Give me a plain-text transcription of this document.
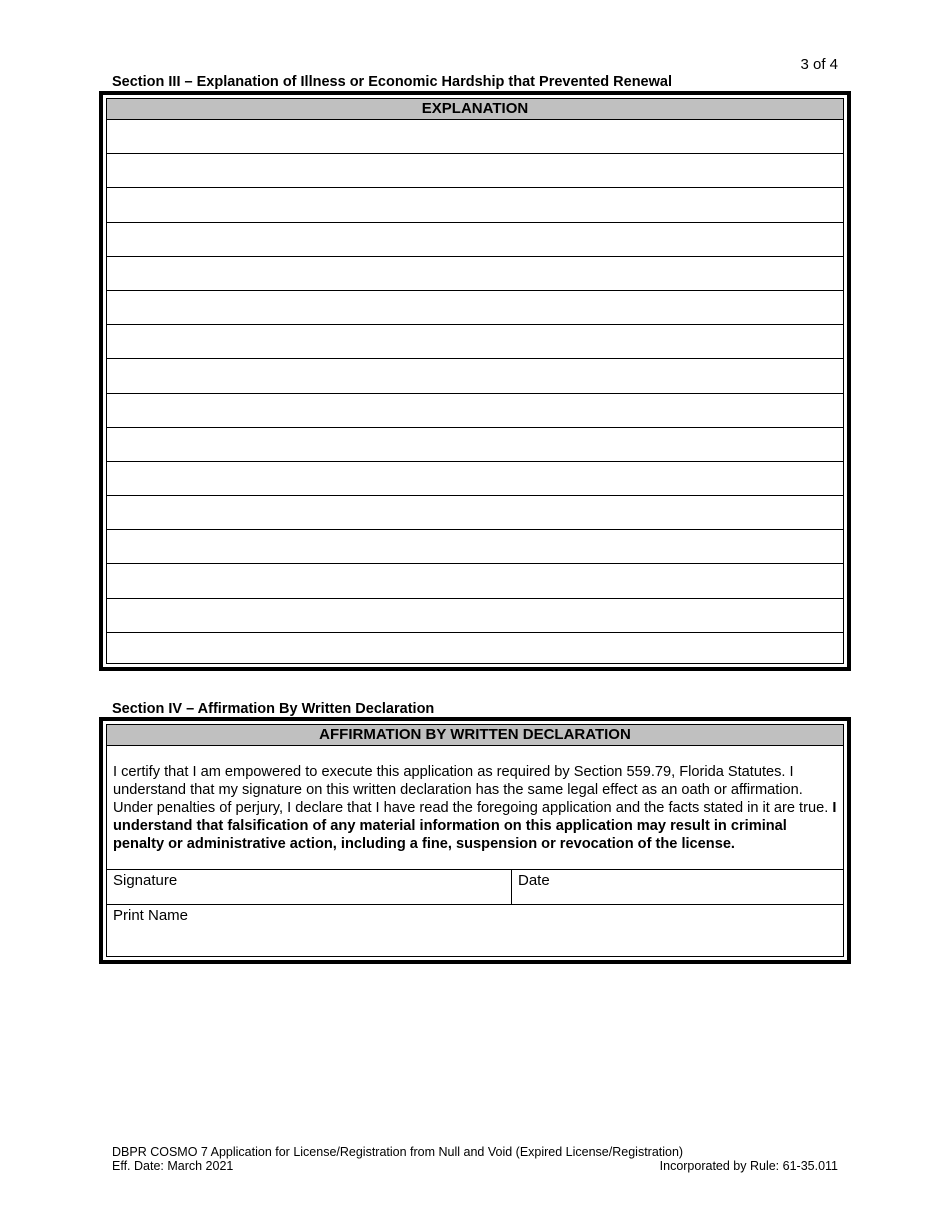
3 of 4
Section III – Explanation of Illness or Economic Hardship that Prevented Renewal
EXPLANATION
Section IV – Affirmation By Written Declaration
AFFIRMATION BY WRITTEN DECLARATION
I certify that I am empowered to execute this application as required by Section 559.79, Florida Statutes. I understand that my signature on this written declaration has the same legal effect as an oath or affirmation. Under penalties of perjury, I declare that I have read the foregoing application and the facts stated in it are true. I understand that falsification of any material information on this application may result in criminal penalty or administrative action, including a fine, suspension or revocation of the license.
Signature	Date
Print Name
DBPR COSMO 7 Application for License/Registration from Null and Void (Expired License/Registration)
Eff. Date: March 2021	Incorporated by Rule: 61-35.011
